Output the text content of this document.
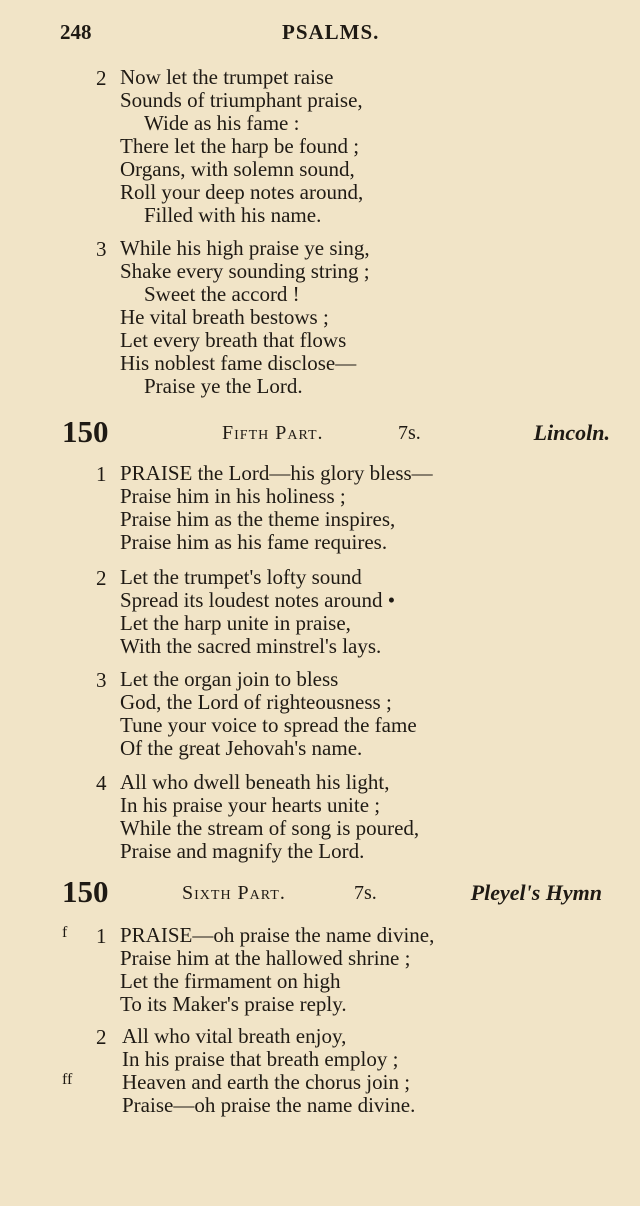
248	PSALMS.
2 Now let the trumpet raise
Sounds of triumphant praise,
Wide as his fame :
There let the harp be found ;
Organs, with solemn sound,
Roll your deep notes around,
Filled with his name.
3 While his high praise ye sing,
Shake every sounding string ;
Sweet the accord !
He vital breath bestows ;
Let every breath that flows
His noblest fame disclose—
Praise ye the Lord.
150	Fifth Part.	7s.	Lincoln.
1 PRAISE the Lord—his glory bless—
Praise him in his holiness ;
Praise him as the theme inspires,
Praise him as his fame requires.
2 Let the trumpet's lofty sound
Spread its loudest notes around •
Let the harp unite in praise,
With the sacred minstrel's lays.
3 Let the organ join to bless
God, the Lord of righteousness ;
Tune your voice to spread the fame
Of the great Jehovah's name.
4 All who dwell beneath his light,
In his praise your hearts unite ;
While the stream of song is poured,
Praise and magnify the Lord.
150	Sixth Part.	7s.	Pleyel's Hymn
f 1 PRAISE—oh praise the name divine,
Praise him at the hallowed shrine ;
Let the firmament on high
To its Maker's praise reply.
2 All who vital breath enjoy,
In his praise that breath employ ;
ff Heaven and earth the chorus join ;
Praise—oh praise the name divine.
